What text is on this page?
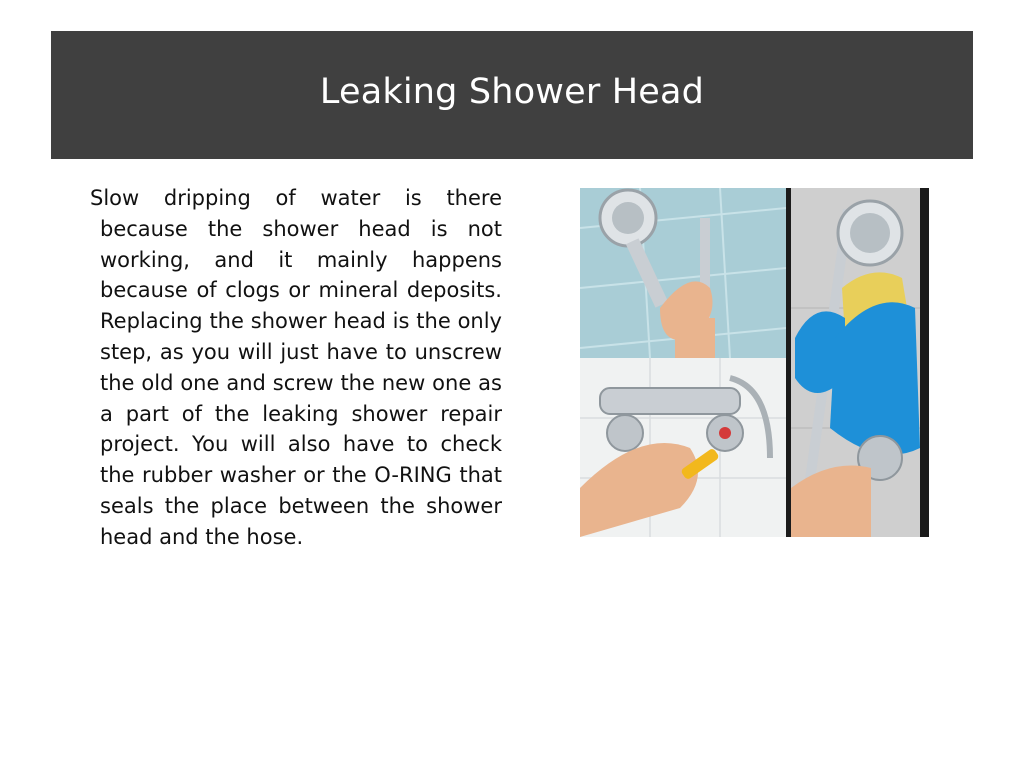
Leaking Shower Head
Slow dripping of water is there because the shower head is not working, and it mainly happens because of clogs or mineral deposits. Replacing the shower head is the only step, as you will just have to unscrew the old one and screw the new one as a part of the leaking shower repair project. You will also have to check the rubber washer or the O-RING that seals the place between the shower head and the hose.
